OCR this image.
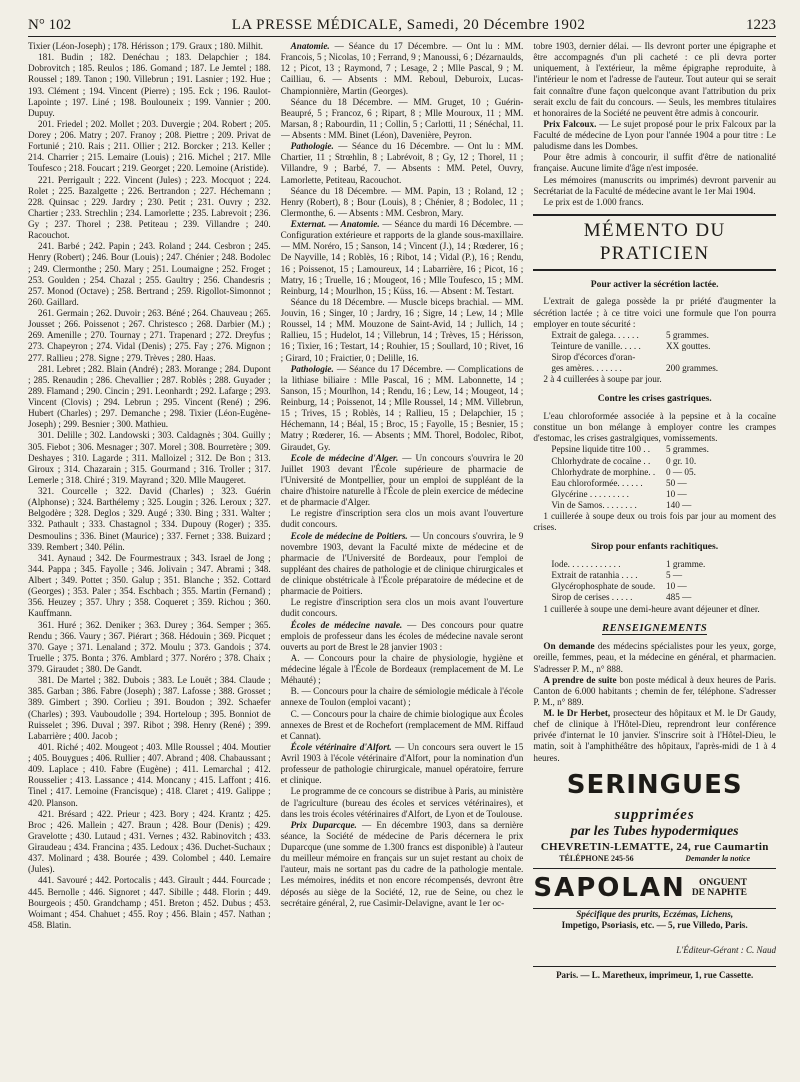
N° 102	LA PRESSE MÉDICALE, Samedi, 20 Décembre 1902	1223

Tixier (Léon-Joseph) ; 178. Hérisson ; 179. Graux ; 180. Milhit.

181. Budin ; 182. Denéchau ; 183. Delapchier ; 184. Dobrovitch ; 185. Reulos ; 186. Gomand ; 187. Le Jemtel ; 188. Roussel ; 189. Tanon ; 190. Villebrun ; 191. Lasnier ; 192. Hue ; 193. Clément ; 194. Vincent (Pierre) ; 195. Eck ; 196. Raulot-Lapointe ; 197. Liné ; 198. Boulouneix ; 199. Vannier ; 200. Dupuy.

201. Friedel ; 202. Mollet ; 203. Duvergie ; 204. Robert ; 205. Dorey ; 206. Matry ; 207. Franoy ; 208. Piettre ; 209. Privat de Fortunié ; 210. Rais ; 211. Ollier ; 212. Borcker ; 213. Keller ; 214. Charrier ; 215. Lemaire (Louis) ; 216. Michel ; 217. Mlle Toufesco ; 218. Foucart ; 219. Georget ; 220. Lemoine (Aristide).

221. Perrigault ; 222. Vincent (Jules) ; 223. Mocquot ; 224. Rolet ; 225. Bazalgette ; 226. Bertrandon ; 227. Héchemann ; 228. Quinsac ; 229. Jardry ; 230. Petit ; 231. Ouvry ; 232. Chartier ; 233. Strechlin ; 234. Lamorlette ; 235. Labrevoit ; 236. Gy ; 237. Thorel ; 238. Petiteau ; 239. Villandre ; 240. Racouchot.

241. Barbé ; 242. Papin ; 243. Roland ; 244. Cesbron ; 245. Henry (Robert) ; 246. Bour (Louis) ; 247. Chénier ; 248. Bodolec ; 249. Clermonthe ; 250. Mary ; 251. Loumaigne ; 252. Froget ; 253. Goulden ; 254. Chazal ; 255. Gaultry ; 256. Chandesris ; 257. Monod (Octave) ; 258. Bertrand ; 259. Rigollot-Simonnot ; 260. Gaillard.

261. Germain ; 262. Duvoir ; 263. Béné ; 264. Chauveau ; 265. Jousset ; 266. Poissenot ; 267. Christesco ; 268. Darbier (M.) ; 269. Amenille ; 270. Tournay ; 271. Trapenard ; 272. Dreyfus ; 273. Chapeyron ; 274. Vidal (Denis) ; 275. Fay ; 276. Mignon ; 277. Rallieu ; 278. Signe ; 279. Trèves ; 280. Haas.

281. Lebret ; 282. Blain (André) ; 283. Morange ; 284. Dupont ; 285. Renaudin ; 286. Chevallier ; 287. Roblès ; 288. Guyader ; 289. Flamand ; 290. Cincin ; 291. Leonhardt ; 292. Lafarge ; 293. Vincent (Clovis) ; 294. Lebrun ; 295. Vincent (René) ; 296. Hubert (Charles) ; 297. Demanche ; 298. Tixier (Léon-Eugène-Joseph) ; 299. Besnier ; 300. Mathieu.

301. Delille ; 302. Landowski ; 303. Caldagnès ; 304. Guilly ; 305. Fiebot ; 306. Mesnager ; 307. Morel ; 308. Bourretère ; 309. Deshayes ; 310. Lagarde ; 311. Malloizel ; 312. De Bon ; 313. Giroux ; 314. Chazarain ; 315. Gourmand ; 316. Troller ; 317. Lemerle ; 318. Chiré ; 319. Mayrand ; 320. Mlle Maugeret.

321. Courcelle ; 322. David (Charles) ; 323. Guérin (Alphonse) ; 324. Barthélemy ; 325. Lougin ; 326. Leroux ; 327. Belgodère ; 328. Deglos ; 329. Augé ; 330. Bing ; 331. Walter ; 332. Pathault ; 333. Chastagnol ; 334. Dupouy (Roger) ; 335. Desmoulins ; 336. Binet (Maurice) ; 337. Fernet ; 338. Buizard ; 339. Rembert ; 340. Pélin.

341. Aynaud ; 342. De Fourmestraux ; 343. Israel de Jong ; 344. Pappa ; 345. Fayolle ; 346. Jolivain ; 347. Abrami ; 348. Albert ; 349. Pottet ; 350. Galup ; 351. Blanche ; 352. Cottard (Georges) ; 353. Paler ; 354. Eschbach ; 355. Martin (Fernand) ; 356. Heuzey ; 357. Uhry ; 358. Coqueret ; 359. Richou ; 360. Kauffmann.

361. Huré ; 362. Deniker ; 363. Durey ; 364. Semper ; 365. Rendu ; 366. Vaury ; 367. Piérart ; 368. Hédouin ; 369. Picquet ; 370. Gaye ; 371. Lenaland ; 372. Moulu ; 373. Gandois ; 374. Truelle ; 375. Bonta ; 376. Amblard ; 377. Noréro ; 378. Chaix ; 379. Giraudet ; 380. De Gandt.

381. De Martel ; 382. Dubois ; 383. Le Louët ; 384. Claude ; 385. Garban ; 386. Fabre (Joseph) ; 387. Lafosse ; 388. Grosset ; 389. Gimbert ; 390. Corlieu ; 391. Boudon ; 392. Schaefer (Charles) ; 393. Vauboudolle ; 394. Horteloup ; 395. Bonniot de Ruisselet ; 396. Duval ; 397. Ribot ; 398. Henry (René) ; 399. Labarrière ; 400. Jacob ;

401. Riché ; 402. Mougeot ; 403. Mlle Roussel ; 404. Moutier ; 405. Bouygues ; 406. Rullier ; 407. Abrand ; 408. Chabaussant ; 409. Laplace ; 410. Fabre (Eugène) ; 411. Lemarchal ; 412. Rousselier ; 413. Lassance ; 414. Moncany ; 415. Laffont ; 416. Tinel ; 417. Lemoine (Francisque) ; 418. Claret ; 419. Galippe ; 420. Planson.

421. Brésard ; 422. Prieur ; 423. Bory ; 424. Krantz ; 425. Broc ; 426. Mallein ; 427. Braun ; 428. Bour (Denis) ; 429. Gravelotte ; 430. Lutaud ; 431. Vernes ; 432. Rabinovitch ; 433. Giraudeau ; 434. Francina ; 435. Ledoux ; 436. Duchet-Suchaux ; 437. Molinard ; 438. Bourée ; 439. Colombel ; 440. Lemaire (Jules).

441. Savouré ; 442. Portocalis ; 443. Girault ; 444. Fourcade ; 445. Bernolle ; 446. Signoret ; 447. Sibille ; 448. Florin ; 449. Bourgeois ; 450. Grandchamp ; 451. Breton ; 452. Dubus ; 453. Woimant ; 454. Chahuet ; 455. Roy ; 456. Blain ; 457. Nathan ; 458. Blatin.

Anatomie. — Séance du 17 Décembre. — Ont lu : MM. Francois, 5 ; Nicolas, 10 ; Ferrand, 9 ; Manoussi, 6 ; Dézarnaulds, 12 ; Picot, 13 ; Raymond, 7 ; Lesage, 2 ; Mlle Pascal, 9 ; M. Cailliau, 6. — Absents : MM. Reboul, Deburoix, Lucas-Championnière, Martin (Georges).

Séance du 18 Décembre. — MM. Gruget, 10 ; Guérin-Beaupré, 5 ; Francoz, 6 ; Ripart, 8 ; Mlle Mouroux, 11 ; MM. Marsan, 8 ; Rabourdin, 11 ; Collin, 5 ; Carlotti, 11 ; Sénéchal, 11. — Absents : MM. Binet (Léon), Davenière, Peyron.

Pathologie. — Séance du 16 Décembre. — Ont lu : MM. Chartier, 11 ; Strœhlin, 8 ; Labrévoit, 8 ; Gy, 12 ; Thorel, 11 ; Villandre, 9 ; Barbé, 7. — Absents : MM. Petel, Ouvry, Lamorlette, Petiteau, Racouchot.

Séance du 18 Décembre. — MM. Papin, 13 ; Roland, 12 ; Henry (Robert), 8 ; Bour (Louis), 8 ; Chénier, 8 ; Bodolec, 11 ; Clermonthe, 6. — Absents : MM. Cesbron, Mary.

Externat. — Anatomie. — Séance du mardi 16 Décembre. — Configuration extérieure et rapports de la glande sous-maxillaire. — MM. Noréro, 15 ; Sanson, 14 ; Vincent (J.), 14 ; Rœderer, 16 ; De Nayville, 14 ; Roblès, 16 ; Ribot, 14 ; Vidal (P.), 16 ; Rendu, 16 ; Poissenot, 15 ; Lamoureux, 14 ; Labarrière, 16 ; Picot, 16 ; Matry, 16 ; Truelle, 16 ; Mougeot, 16 ; Mlle Toufesco, 15 ; MM. Reinburg, 14 ; Mourlhon, 15 ; Küss, 16. — Absent : M. Testart.

Séance du 18 Décembre. — Muscle biceps brachial. — MM. Jouvin, 16 ; Singer, 10 ; Jardry, 16 ; Sigre, 14 ; Lew, 14 ; Mlle Roussel, 14 ; MM. Mouzone de Saint-Avid, 14 ; Jullich, 14 ; Rallieu, 15 ; Hudelot, 14 ; Villebrun, 14 ; Trèves, 15 ; Hérisson, 16 ; Tixier, 16 ; Testart, 14 ; Rouhier, 15 ; Soullard, 10 ; Rivet, 16 ; Girard, 10 ; Fraictier, 0 ; Delille, 16.

Pathologie. — Séance du 17 Décembre. — Complications de la lithiase biliaire : Mlle Pascal, 16 ; MM. Labonnette, 14 ; Sanson, 15 ; Mourlhon, 14 ; Rendu, 16 ; Lew, 14 ; Mougeot, 14 ; Reinburg, 14 ; Poissenot, 14 ; Mlle Roussel, 14 ; MM. Villebrun, 15 ; Trives, 15 ; Roblès, 14 ; Rallieu, 15 ; Delapchier, 15 ; Héchemann, 14 ; Béal, 15 ; Broc, 15 ; Fayolle, 15 ; Besnier, 15 ; Matry ; Rœderer, 16. — Absents ; MM. Thorel, Bodolec, Ribot, Giraudet, Gy.

Ecole de médecine d'Alger. — Un concours s'ouvrira le 20 Juillet 1903 devant l'École supérieure de pharmacie de l'Université de Montpellier, pour un emploi de suppléant de la chaire d'histoire naturelle à l'École de plein exercice de médecine et de pharmacie d'Alger.

Le registre d'inscription sera clos un mois avant l'ouverture dudit concours.

Ecole de médecine de Poitiers. — Un concours s'ouvrira, le 9 novembre 1903, devant la Faculté mixte de médecine et de pharmacie de l'Université de Bordeaux, pour l'emploi de suppléant des chaires de pathologie et de clinique chirurgicales et de clinique obstétricale à l'École préparatoire de médecine et de pharmacie de Poitiers.

Le registre d'inscription sera clos un mois avant l'ouverture dudit concours.

Écoles de médecine navale. — Des concours pour quatre emplois de professeur dans les écoles de médecine navale seront ouverts au port de Brest le 28 janvier 1903 :

A. — Concours pour la chaire de physiologie, hygiène et médecine légale à l'École de Bordeaux (remplacement de M. Le Méhauté) ;

B. — Concours pour la chaire de sémiologie médicale à l'école annexe de Toulon (emploi vacant) ;

C. — Concours pour la chaire de chimie biologique aux Écoles annexes de Brest et de Rochefort (remplacement de MM. Riffaud et Cannat).

École vétérinaire d'Alfort. — Un concours sera ouvert le 15 Avril 1903 à l'école vétérinaire d'Alfort, pour la nomination d'un professeur de pathologie chirurgicale, manuel opératoire, ferrure et clinique.

Le programme de ce concours se distribue à Paris, au ministère de l'agriculture (bureau des écoles et services vétérinaires), et dans les trois écoles vétérinaires d'Alfort, de Lyon et de Toulouse.

Prix Duparcque. — En décembre 1903, dans sa dernière séance, la Société de médecine de Paris décernera le prix Duparcque (une somme de 1.300 francs est disponible) à l'auteur du meilleur mémoire en français sur un sujet restant au choix de l'auteur, mais ne sortant pas du cadre de la pathologie mentale. Les mémoires, inédits et non encore récompensés, devront être déposés au siège de la Société, 12, rue de Seine, ou chez le secrétaire général, 2, rue Casimir-Delavigne, avant le 1er oc-

tobre 1903, dernier délai. — Ils devront porter une épigraphe et être accompagnés d'un pli cacheté : ce pli devra porter uniquement, à l'extérieur, la même épigraphe reproduite, à l'intérieur le nom et l'adresse de l'auteur. Tout auteur qui se serait fait connaître d'une façon quelconque avant l'attribution du prix serait exclu de fait du concours. — Seuls, les membres titulaires et honoraires de la Société ne peuvent être admis à concourir.

Prix Falcoux. — Le sujet proposé pour le prix Falcoux par la Faculté de médecine de Lyon pour l'année 1904 a pour titre : Le paludisme dans les Dombes.

Pour être admis à concourir, il suffit d'être de nationalité française. Aucune limite d'âge n'est imposée.

Les mémoires (manuscrits ou imprimés) devront parvenir au Secrétariat de la Faculté de médecine avant le 1er Mai 1904.

Le prix est de 1.000 francs.

MÉMENTO DU PRATICIEN
Pour activer la sécrétion lactée.

L'extrait de galega possède la pr priété d'augmenter la sécrétion lactée ; à ce titre voici une formule que l'on pourra employer en toute sécurité :

Extrait de galega. . . . . .	5 grammes.
Teinture de vanille. . . . .	XX gouttes.
Sirop d'écorces d'oran-
ges amères. . . . . . .	200 grammes.

2 à 4 cuillerées à soupe par jour.

Contre les crises gastriques.

L'eau chloroformée associée à la pepsine et à la cocaïne constitue un bon mélange à employer contre les crampes d'estomac, les crises gastralgiques, vomissements.

Pepsine liquide titre 100 . . 5 grammes.
Chlorhydrate de cocaïne . . 0 gr. 10.
Chlorhydrate de morphine. . 0 — 05.
Eau chloroformée. . . . . .	50 —
Glycérine . . . . . . . . .	10 —
Vin de Samos. . . . . . . .	140 —

1 cuillerée à soupe deux ou trois fois par jour au moment des crises.

Sirop pour enfants rachitiques.
Iode. . . . . . . . . . . .	1 gramme.
Extrait de ratanhia . . . .	5 —
Glycérophosphate de soude. 10 —
Sirop de cerises . . . . .	485 —

1 cuillerée à soupe une demi-heure avant déjeuner et dîner.

RENSEIGNEMENTS

On demande des médecins spécialistes pour les yeux, gorge, oreille, femmes, peau, et la médecine en général, et pharmacien. S'adresser P. M., n° 888.

A prendre de suite bon poste médical à deux heures de Paris. Canton de 6.000 habitants ; chemin de fer, téléphone. S'adresser P. M., n° 889.

M. le Dr Herbet, prosecteur des hôpitaux et M. le Dr Gaudy, chef de clinique à l'Hôtel-Dieu, reprendront leur conférence privée d'internat le 10 janvier. S'inscrire soit à l'Hôtel-Dieu, le matin, soit à l'amphithéâtre des hôpitaux, l'après-midi de 1 à 4 heures.

SERINGUES supprimées
par les Tubes hypodermiques
CHEVRETIN-LEMATTE, 24, rue Caumartin
TÉLÉPHONE 245-56	Demander la notice
SAPOLAN	ONGUENT
DE NAPHTE
Spécifique des prurits, Eczémas, Lichens,
Impetigo, Psoriasis, etc. — 5, rue Villedo, Paris.
L'Éditeur-Gérant : C. Naud
Paris. — L. Maretheux, imprimeur, 1, rue Cassette.
